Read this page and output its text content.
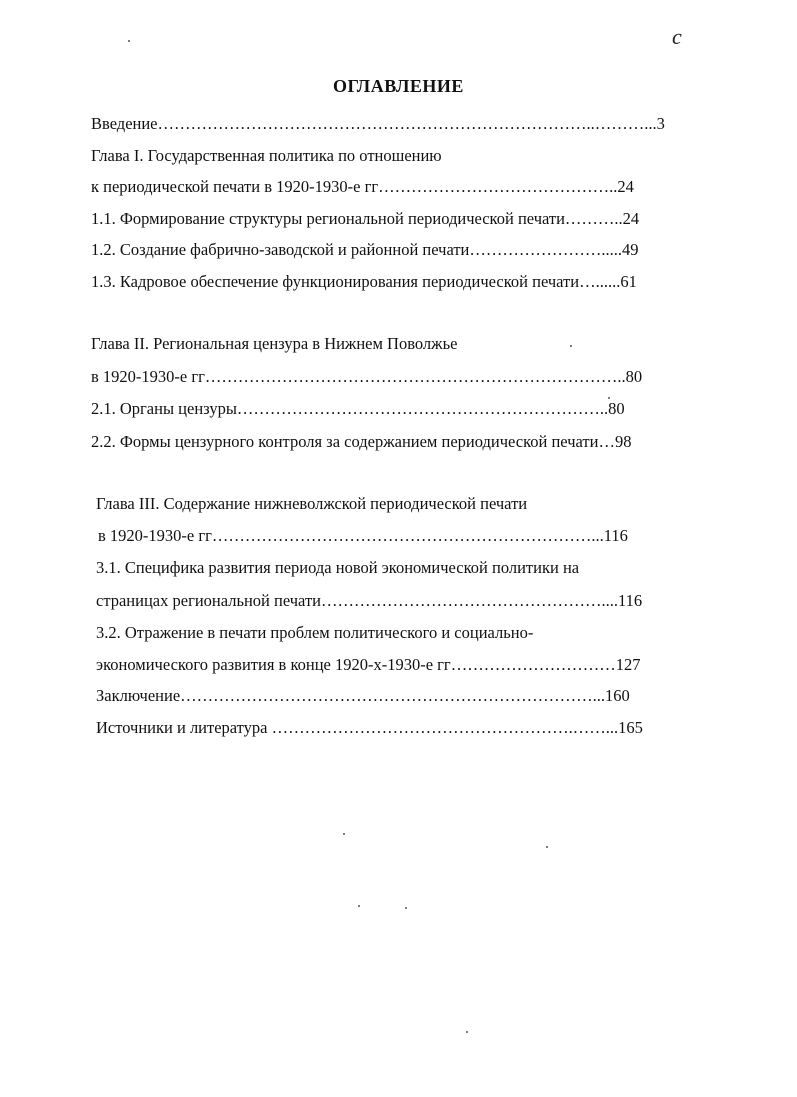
с
ОГЛАВЛЕНИЕ
Введение……………………………………………………………………..………...3
Глава I. Государственная политика по отношению
к периодической печати в 1920-1930-е гг……………………………………..24
1.1. Формирование структуры региональной периодической печати………..24
1.2. Создание фабрично-заводской и районной печати…………………….....49
1.3. Кадровое обеспечение функционирования периодической печати…......61
Глава II. Региональная цензура в Нижнем Поволжье
в 1920-1930-е гг…………………………………………………………………..80
2.1. Органы цензуры…………………………………………………………..80
2.2. Формы цензурного контроля за содержанием периодической печати…98
Глава III. Содержание нижневолжской периодической печати
в 1920-1930-е гг……………………………………………………………...116
3.1. Специфика развития периода новой экономической политики на
страницах региональной печати……………………………………………....116
3.2. Отражение в печати проблем политического и социально-
экономического развития в конце 1920-х-1930-е гг…………………………127
Заключение…………………………………………………………………...160
Источники и литература ……………………………………………….……...165
